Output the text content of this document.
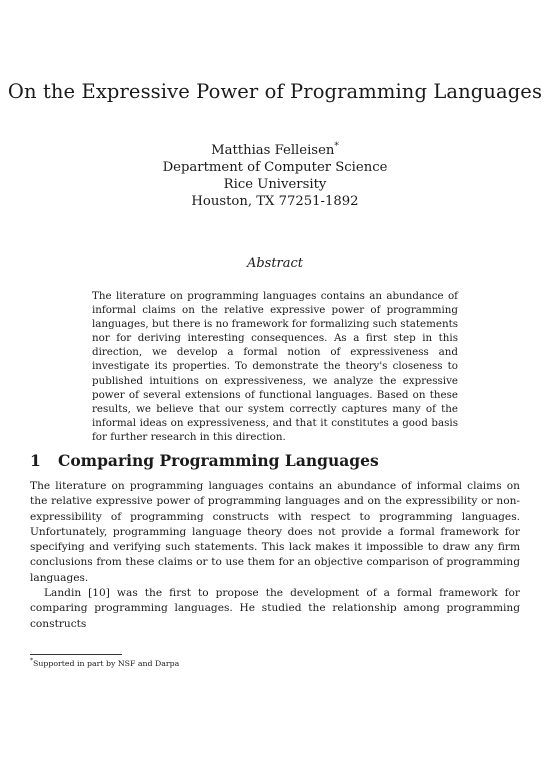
On the Expressive Power of Programming Languages
Matthias Felleisen*
Department of Computer Science
Rice University
Houston, TX 77251-1892
Abstract
The literature on programming languages contains an abundance of informal claims on the relative expressive power of programming languages, but there is no framework for formalizing such statements nor for deriving interesting consequences. As a first step in this direction, we develop a formal notion of expressiveness and investigate its properties. To demonstrate the theory's closeness to published intuitions on expressiveness, we analyze the expressive power of several extensions of functional languages. Based on these results, we believe that our system correctly captures many of the informal ideas on expressiveness, and that it constitutes a good basis for further research in this direction.
1 Comparing Programming Languages

The literature on programming languages contains an abundance of informal claims on the relative expressive power of programming languages and on the expressibility or non-expressibility of programming constructs with respect to programming languages. Unfortunately, programming language theory does not provide a formal framework for specifying and verifying such statements. This lack makes it impossible to draw any firm conclusions from these claims or to use them for an objective comparison of programming languages.

Landin [10] was the first to propose the development of a formal framework for comparing programming languages. He studied the relationship among programming constructs

*Supported in part by NSF and Darpa
